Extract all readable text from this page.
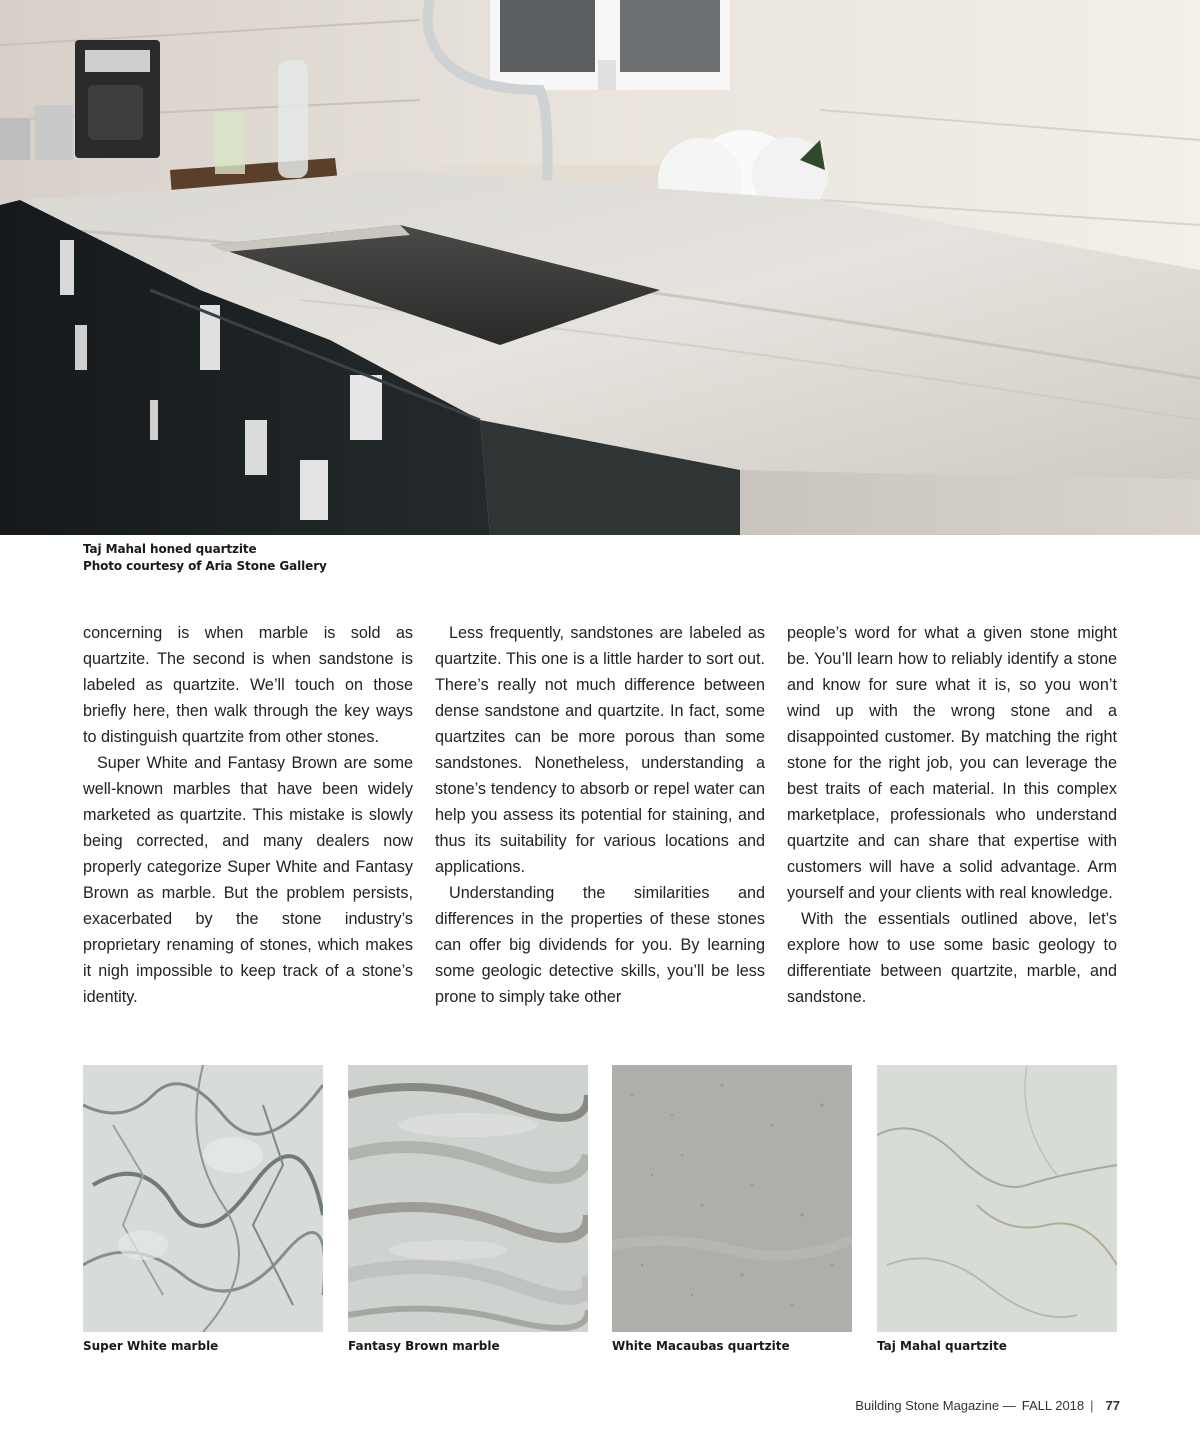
Taj Mahal honed quartzite
Photo courtesy of Aria Stone Gallery

concerning is when marble is sold as quartzite. The second is when sandstone is labeled as quartzite. We’ll touch on those briefly here, then walk through the key ways to distinguish quartzite from other stones.

Super White and Fantasy Brown are some well-known marbles that have been widely marketed as quartzite. This mistake is slowly being corrected, and many dealers now properly categorize Super White and Fantasy Brown as marble. But the problem persists, exacerbated by the stone industry’s proprietary renaming of stones, which makes it nigh impossible to keep track of a stone’s identity.

Less frequently, sandstones are labeled as quartzite. This one is a little harder to sort out. There’s really not much difference between dense sandstone and quartzite. In fact, some quartzites can be more porous than some sandstones. Nonetheless, understanding a stone’s tendency to absorb or repel water can help you assess its potential for staining, and thus its suitability for various locations and applications.

Understanding the similarities and differences in the properties of these stones can offer big dividends for you. By learning some geologic detective skills, you’ll be less prone to simply take other

people’s word for what a given stone might be. You’ll learn how to reliably identify a stone and know for sure what it is, so you won’t wind up with the wrong stone and a disappointed customer. By matching the right stone for the right job, you can leverage the best traits of each material. In this complex marketplace, professionals who understand quartzite and can share that expertise with customers will have a solid advantage. Arm yourself and your clients with real knowledge.

With the essentials outlined above, let’s explore how to use some basic geology to differentiate between quartzite, marble, and sandstone.

Super White marble	Fantasy Brown marble	White Macaubas quartzite	Taj Mahal quartzite
Building Stone Magazine — FALL 2018 | 77
